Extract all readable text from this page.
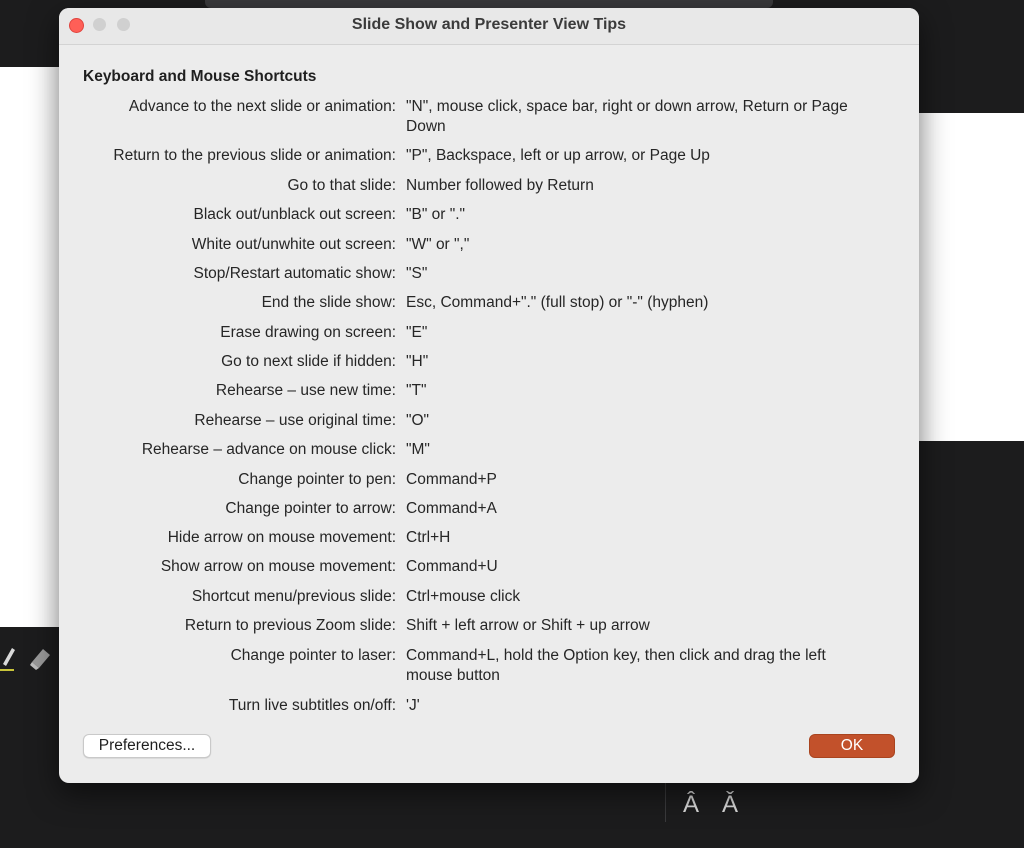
Â Ǎ
Slide Show and Presenter View Tips
Keyboard and Mouse Shortcuts
Advance to the next slide or animation: "N", mouse click, space bar, right or down arrow, Return or Page Down
Return to the previous slide or animation: "P", Backspace, left or up arrow, or Page Up
Go to that slide: Number followed by Return
Black out/unblack out screen: "B" or "."
White out/unwhite out screen: "W" or ","
Stop/Restart automatic show: "S"
End the slide show: Esc, Command+"." (full stop) or "-" (hyphen)
Erase drawing on screen: "E"
Go to next slide if hidden: "H"
Rehearse – use new time: "T"
Rehearse – use original time: "O"
Rehearse – advance on mouse click: "M"
Change pointer to pen: Command+P
Change pointer to arrow: Command+A
Hide arrow on mouse movement: Ctrl+H
Show arrow on mouse movement: Command+U
Shortcut menu/previous slide: Ctrl+mouse click
Return to previous Zoom slide: Shift + left arrow or Shift + up arrow
Change pointer to laser: Command+L, hold the Option key, then click and drag the left mouse button
Turn live subtitles on/off: 'J'
Preferences...	OK
